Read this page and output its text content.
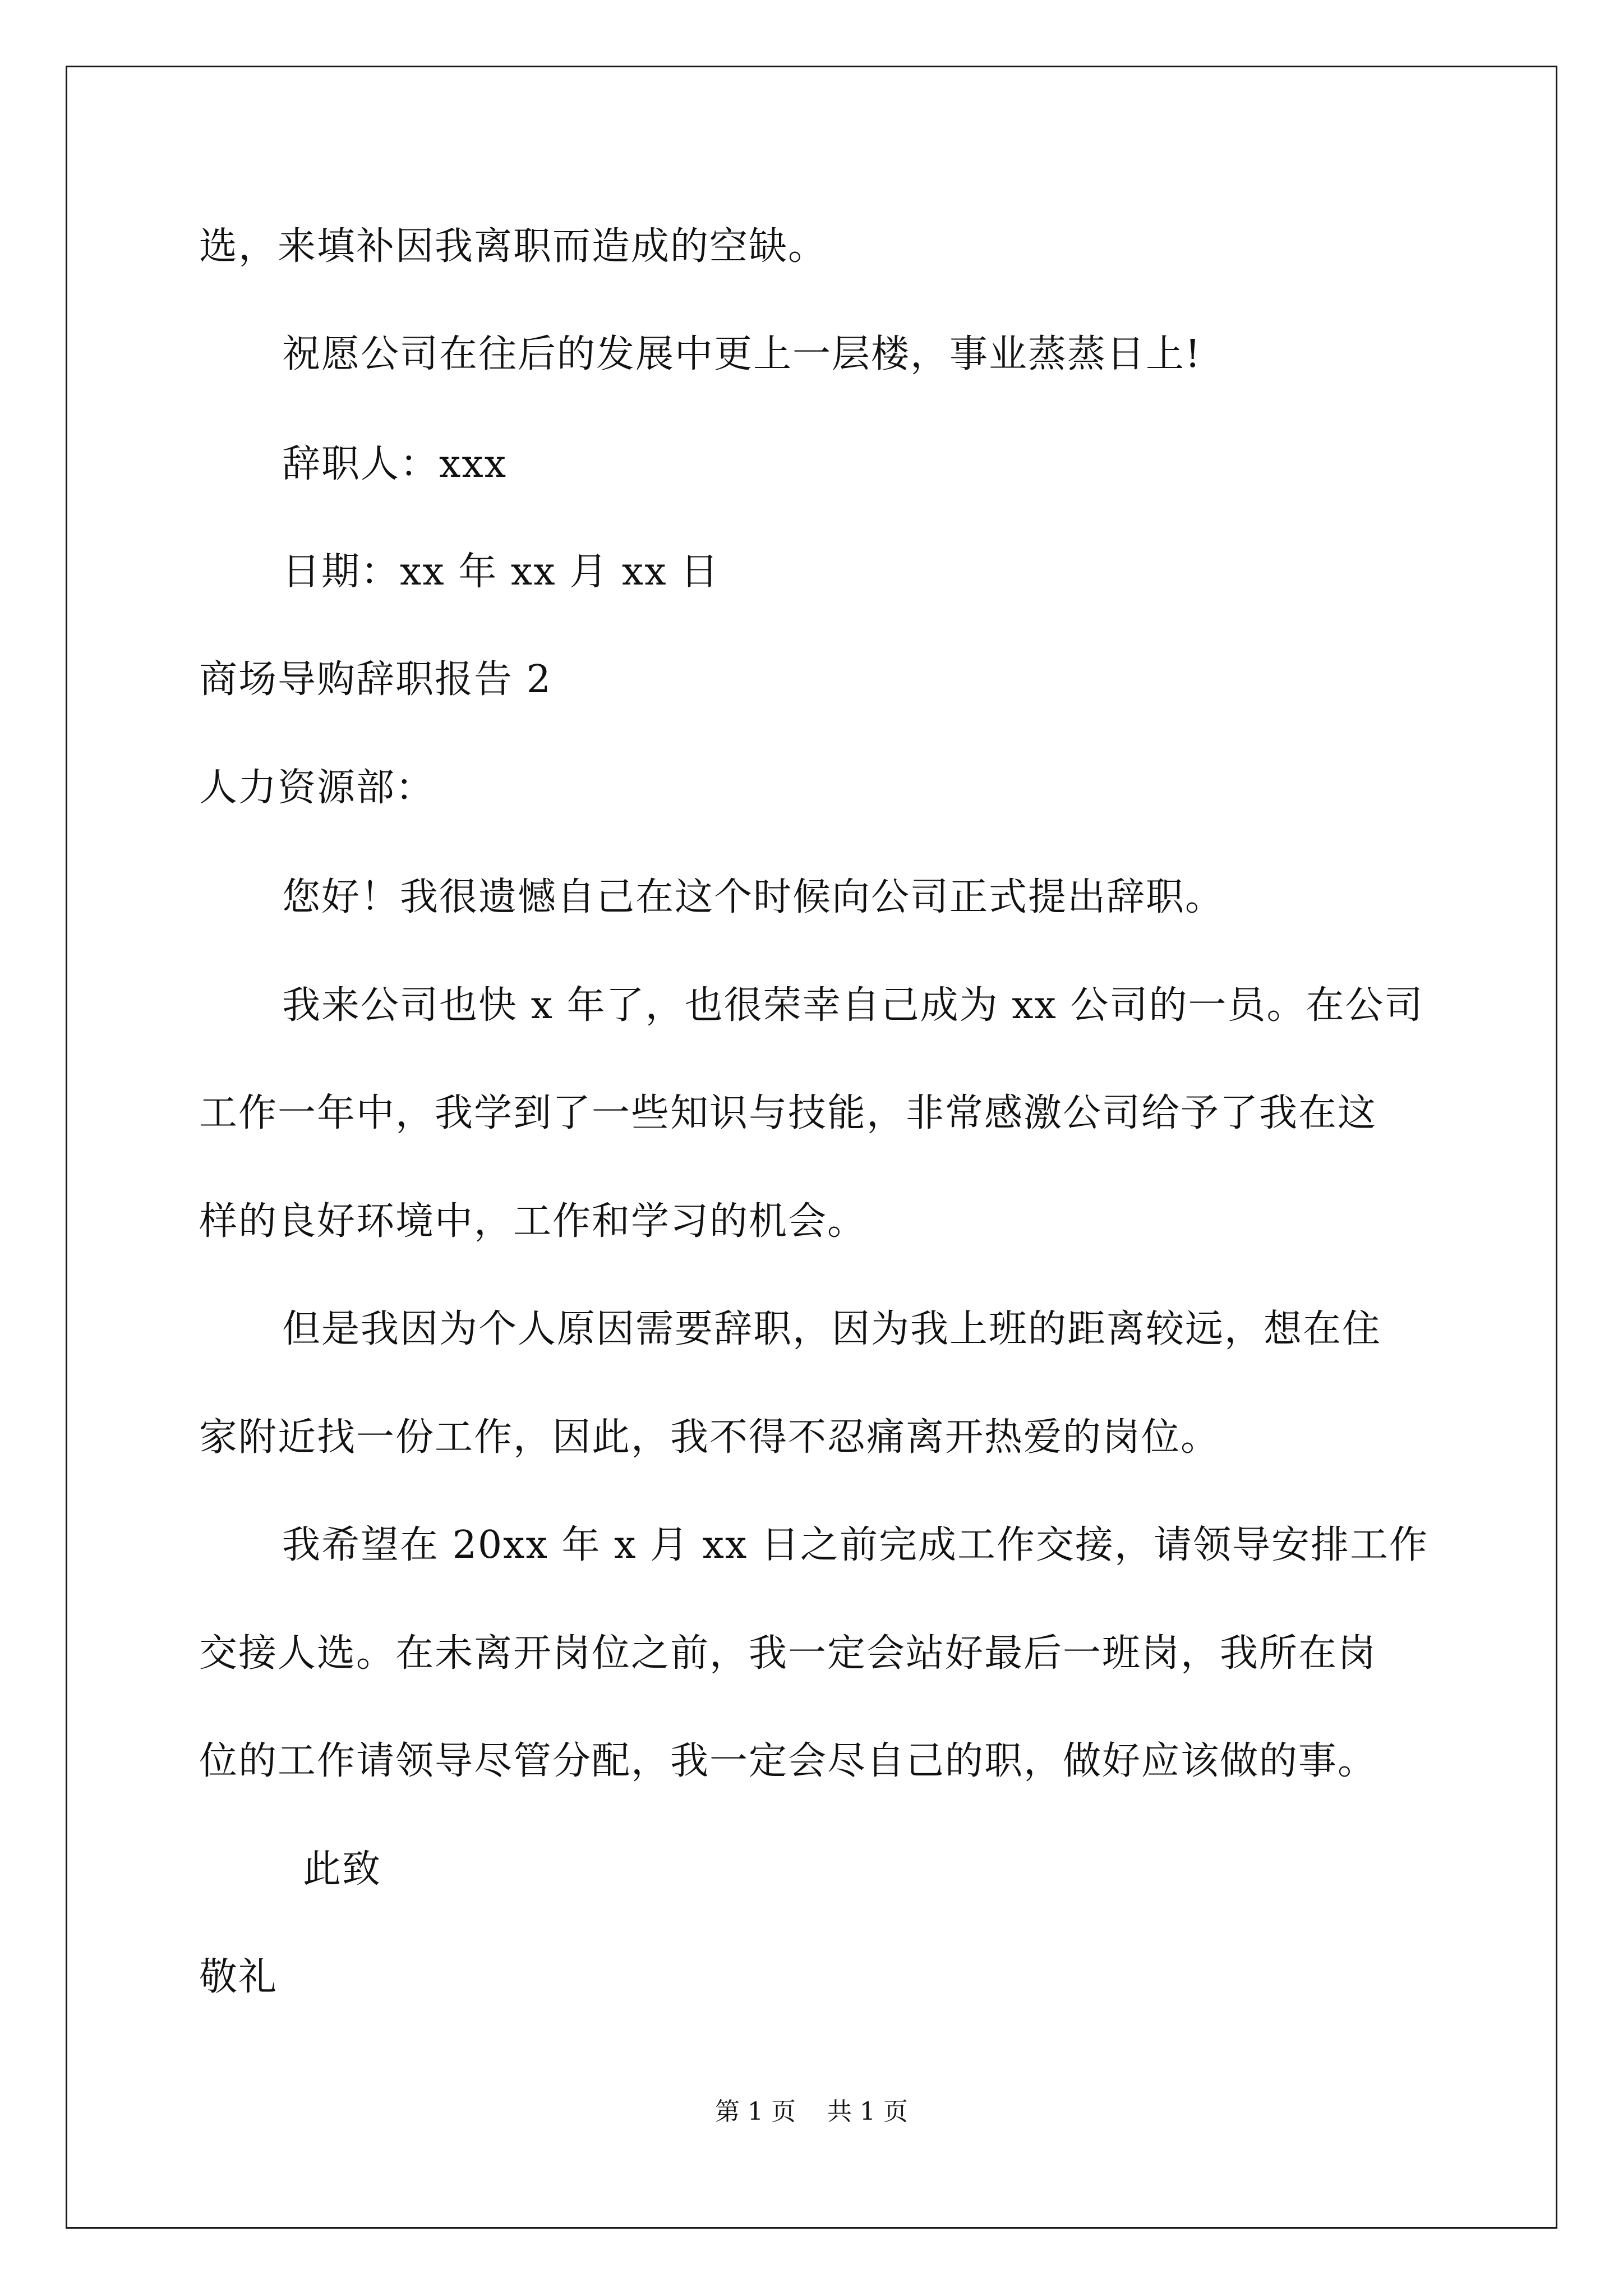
选，来填补因我离职而造成的空缺。
祝愿公司在往后的发展中更上一层楼，事业蒸蒸日上!
辞职人：xxx
日期：xx 年 xx 月 xx 日
商场导购辞职报告 2
人力资源部：
您好！我很遗憾自己在这个时候向公司正式提出辞职。
我来公司也快 x 年了，也很荣幸自己成为 xx 公司的一员。在公司
工作一年中，我学到了一些知识与技能，非常感激公司给予了我在这
样的良好环境中，工作和学习的机会。
但是我因为个人原因需要辞职，因为我上班的距离较远，想在住
家附近找一份工作，因此，我不得不忍痛离开热爱的岗位。
我希望在 20xx 年 x 月 xx 日之前完成工作交接，请领导安排工作
交接人选。在未离开岗位之前，我一定会站好最后一班岗，我所在岗
位的工作请领导尽管分配，我一定会尽自己的职，做好应该做的事。
此致
敬礼
第 1 页    共 1 页
